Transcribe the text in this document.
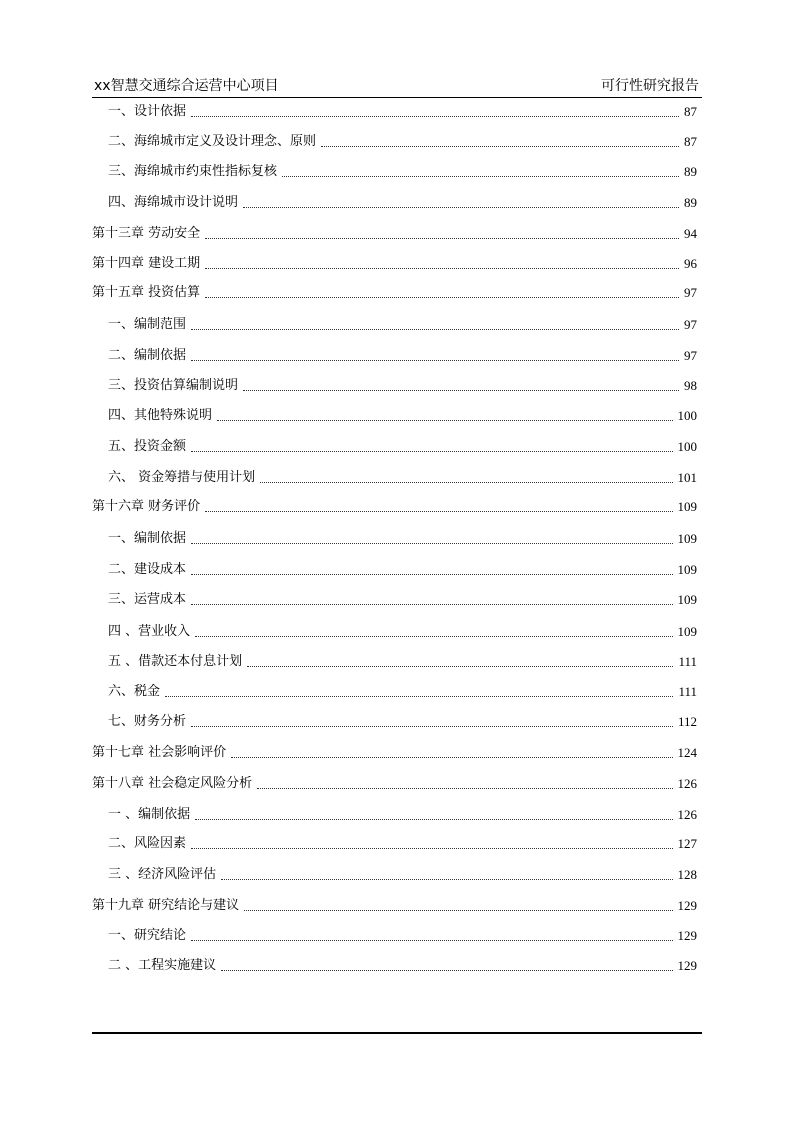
xx智慧交通综合运营中心项目	可行性研究报告
一、设计依据	87
二、海绵城市定义及设计理念、原则	87
三、海绵城市约束性指标复核	89
四、海绵城市设计说明	89
第十三章 劳动安全	94
第十四章 建设工期	96
第十五章 投资估算	97
一、编制范围	97
二、编制依据	97
三、投资估算编制说明	98
四、其他特殊说明	100
五、投资金额	100
六、 资金筹措与使用计划	101
第十六章 财务评价	109
一、编制依据	109
二、建设成本	109
三、运营成本	109
四 、营业收入	109
五 、借款还本付息计划	111
六、税金	111
七、财务分析	112
第十七章 社会影响评价	124
第十八章 社会稳定风险分析	126
一 、编制依据	126
二、风险因素	127
三 、经济风险评估	128
第十九章 研究结论与建议	129
一、研究结论	129
二 、工程实施建议	129
